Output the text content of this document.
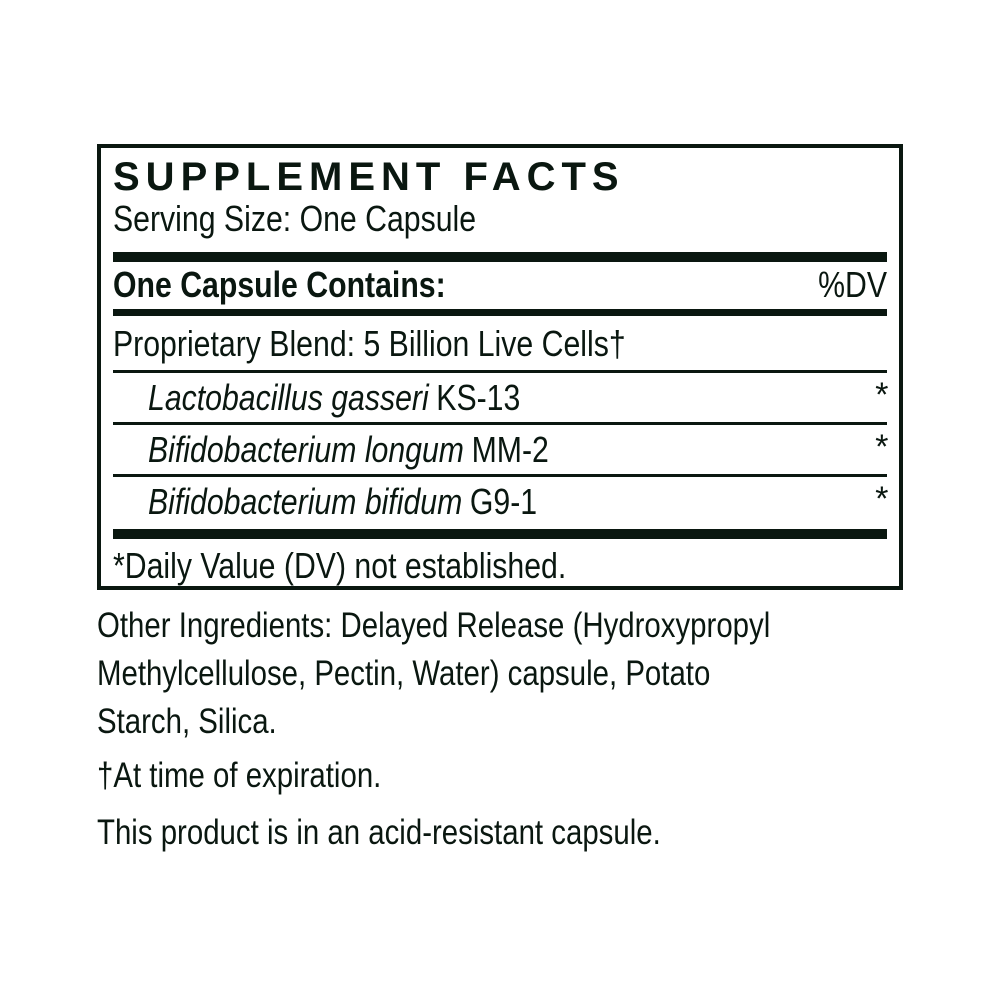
SUPPLEMENT FACTS
Serving Size: One Capsule
One Capsule Contains:	%DV
Proprietary Blend: 5 Billion Live Cells†
Lactobacillus gasseri KS-13	*
Bifidobacterium longum MM-2	*
Bifidobacterium bifidum G9-1	*
*Daily Value (DV) not established.
Other Ingredients: Delayed Release (Hydroxypropyl
Methylcellulose, Pectin, Water) capsule, Potato
Starch, Silica.
†At time of expiration.
This product is in an acid-resistant capsule.
